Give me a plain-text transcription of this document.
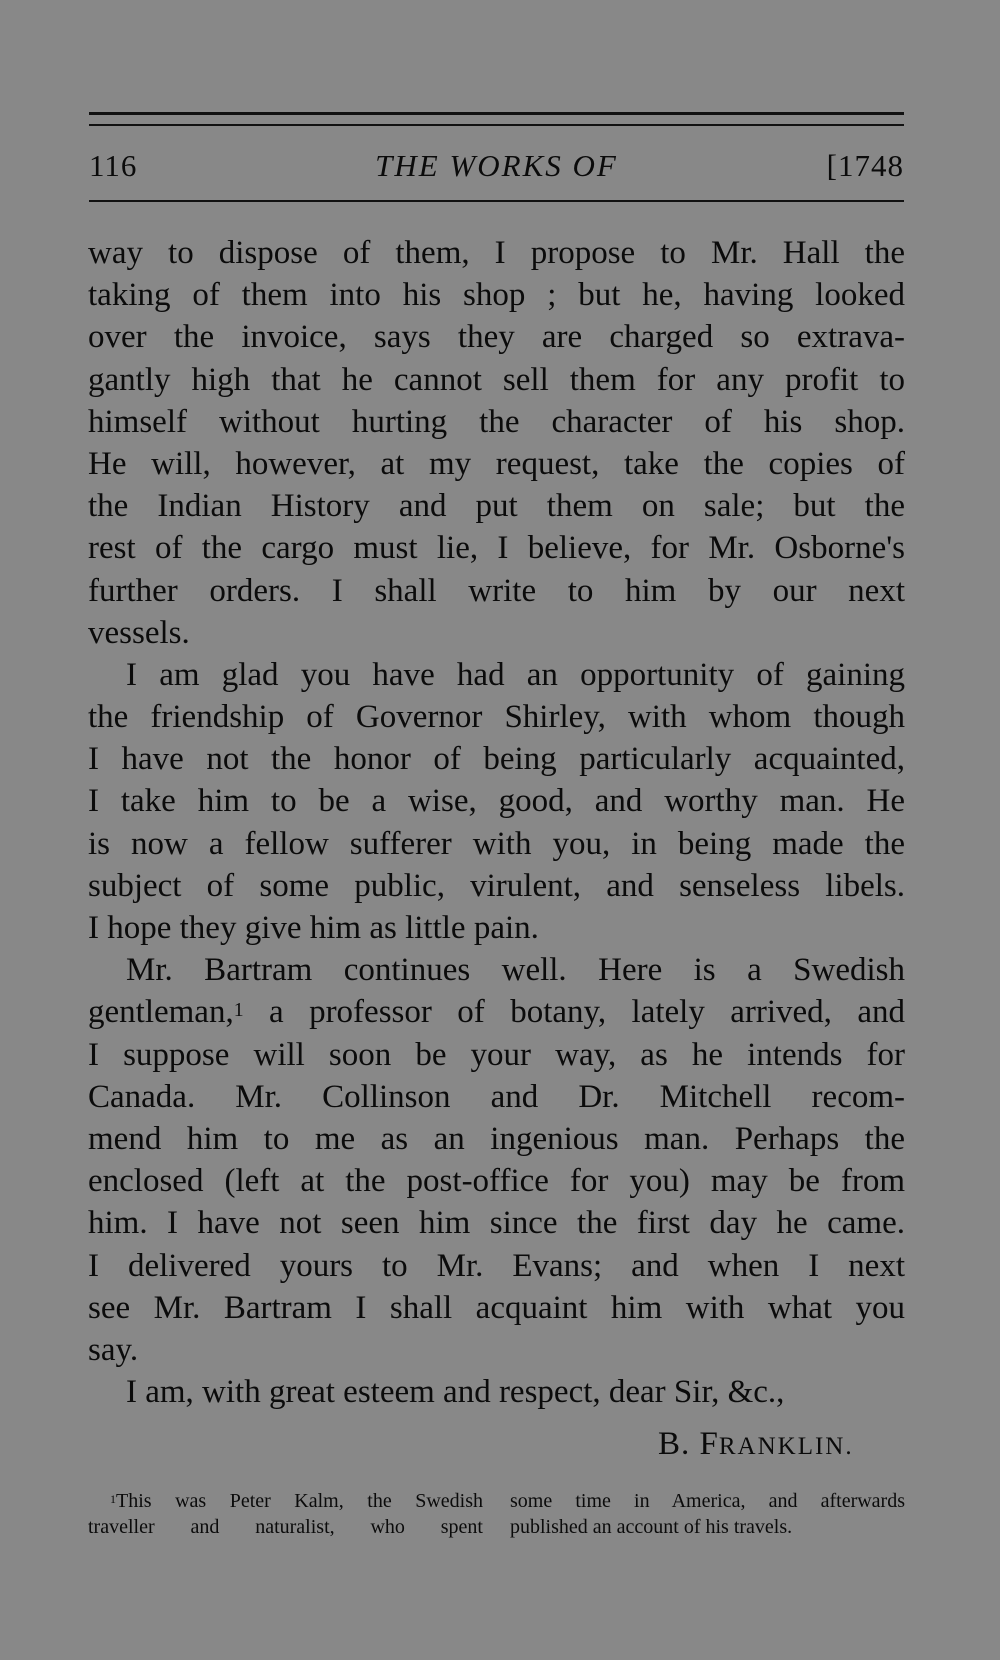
116	THE WORKS OF	[1748
way to dispose of them, I propose to Mr. Hall the
taking of them into his shop ; but he, having looked
over the invoice, says they are charged so extrava-
gantly high that he cannot sell them for any profit to
himself without hurting the character of his shop.
He will, however, at my request, take the copies of
the Indian History and put them on sale; but the
rest of the cargo must lie, I believe, for Mr. Osborne's
further orders. I shall write to him by our next
vessels.
I am glad you have had an opportunity of gaining
the friendship of Governor Shirley, with whom though
I have not the honor of being particularly acquainted,
I take him to be a wise, good, and worthy man. He
is now a fellow sufferer with you, in being made the
subject of some public, virulent, and senseless libels.
I hope they give him as little pain.
Mr. Bartram continues well. Here is a Swedish
gentleman,$^1$ a professor of botany, lately arrived, and
I suppose will soon be your way, as he intends for
Canada. Mr. Collinson and Dr. Mitchell recom-
mend him to me as an ingenious man. Perhaps the
enclosed (left at the post-office for you) may be from
him. I have not seen him since the first day he came.
I delivered yours to Mr. Evans; and when I next
see Mr. Bartram I shall acquaint him with what you
say.
I am, with great esteem and respect, dear Sir, &c.,
B. FRANKLIN.
$^1$This was Peter Kalm, the Swedish
traveller and naturalist, who spent
some time in America, and afterwards
published an account of his travels.
